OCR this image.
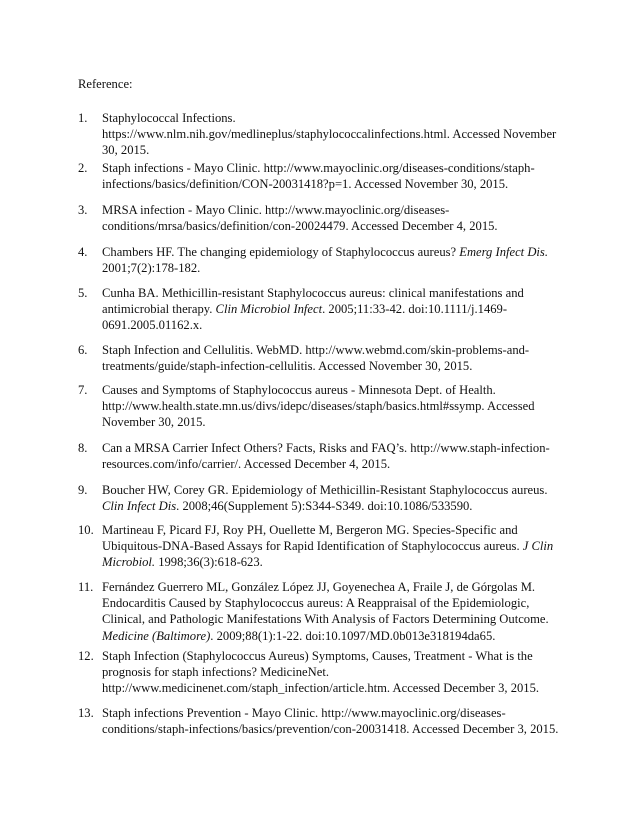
Reference:

1.	Staphylococcal Infections. https://www.nlm.nih.gov/medlineplus/staphylococcalinfections.html. Accessed November 30, 2015.
2.	Staph infections - Mayo Clinic. http://www.mayoclinic.org/diseases-conditions/staph-infections/basics/definition/CON-20031418?p=1. Accessed November 30, 2015.
3.	MRSA infection - Mayo Clinic. http://www.mayoclinic.org/diseases-conditions/mrsa/basics/definition/con-20024479. Accessed December 4, 2015.
4.	Chambers HF. The changing epidemiology of Staphylococcus aureus? Emerg Infect Dis. 2001;7(2):178-182.
5.	Cunha BA. Methicillin-resistant Staphylococcus aureus: clinical manifestations and antimicrobial therapy. Clin Microbiol Infect. 2005;11:33-42. doi:10.1111/j.1469-0691.2005.01162.x.
6.	Staph Infection and Cellulitis. WebMD. http://www.webmd.com/skin-problems-and-treatments/guide/staph-infection-cellulitis. Accessed November 30, 2015.
7.	Causes and Symptoms of Staphylococcus aureus - Minnesota Dept. of Health. http://www.health.state.mn.us/divs/idepc/diseases/staph/basics.html#ssymp. Accessed November 30, 2015.
8.	Can a MRSA Carrier Infect Others? Facts, Risks and FAQ’s. http://www.staph-infection-resources.com/info/carrier/. Accessed December 4, 2015.
9.	Boucher HW, Corey GR. Epidemiology of Methicillin-Resistant Staphylococcus aureus. Clin Infect Dis. 2008;46(Supplement 5):S344-S349. doi:10.1086/533590.
10. Martineau F, Picard FJ, Roy PH, Ouellette M, Bergeron MG. Species-Specific and Ubiquitous-DNA-Based Assays for Rapid Identification of Staphylococcus aureus. J Clin Microbiol. 1998;36(3):618-623.
11. Fernández Guerrero ML, González López JJ, Goyenechea A, Fraile J, de Górgolas M. Endocarditis Caused by Staphylococcus aureus: A Reappraisal of the Epidemiologic, Clinical, and Pathologic Manifestations With Analysis of Factors Determining Outcome. Medicine (Baltimore). 2009;88(1):1-22. doi:10.1097/MD.0b013e318194da65.
12. Staph Infection (Staphylococcus Aureus) Symptoms, Causes, Treatment - What is the prognosis for staph infections? MedicineNet. http://www.medicinenet.com/staph_infection/article.htm. Accessed December 3, 2015.
13. Staph infections Prevention - Mayo Clinic. http://www.mayoclinic.org/diseases-conditions/staph-infections/basics/prevention/con-20031418. Accessed December 3, 2015.
